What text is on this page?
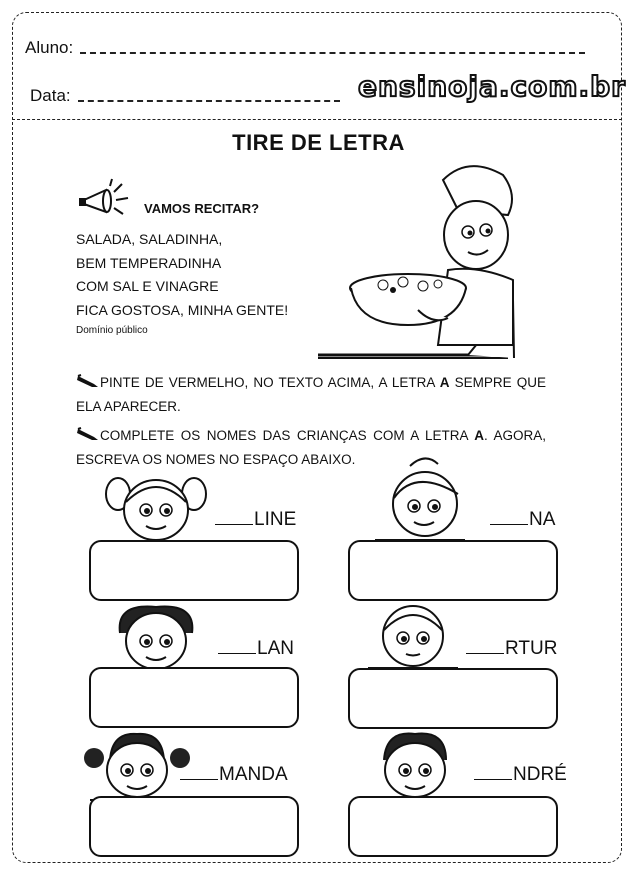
Aluno:
Data:	ensinoja.com.br
TIRE DE LETRA
VAMOS RECITAR?
SALADA, SALADINHA,
BEM TEMPERADINHA
COM SAL E VINAGRE
FICA GOSTOSA, MINHA GENTE!
Domínio público
PINTE DE VERMELHO, NO TEXTO ACIMA, A LETRA A SEMPRE QUE ELA APARECER.
COMPLETE OS NOMES DAS CRIANÇAS COM A LETRA A. AGORA, ESCREVA OS NOMES NO ESPAÇO ABAIXO.
LINE	NA
LAN	RTUR
MANDA	NDRÉ
